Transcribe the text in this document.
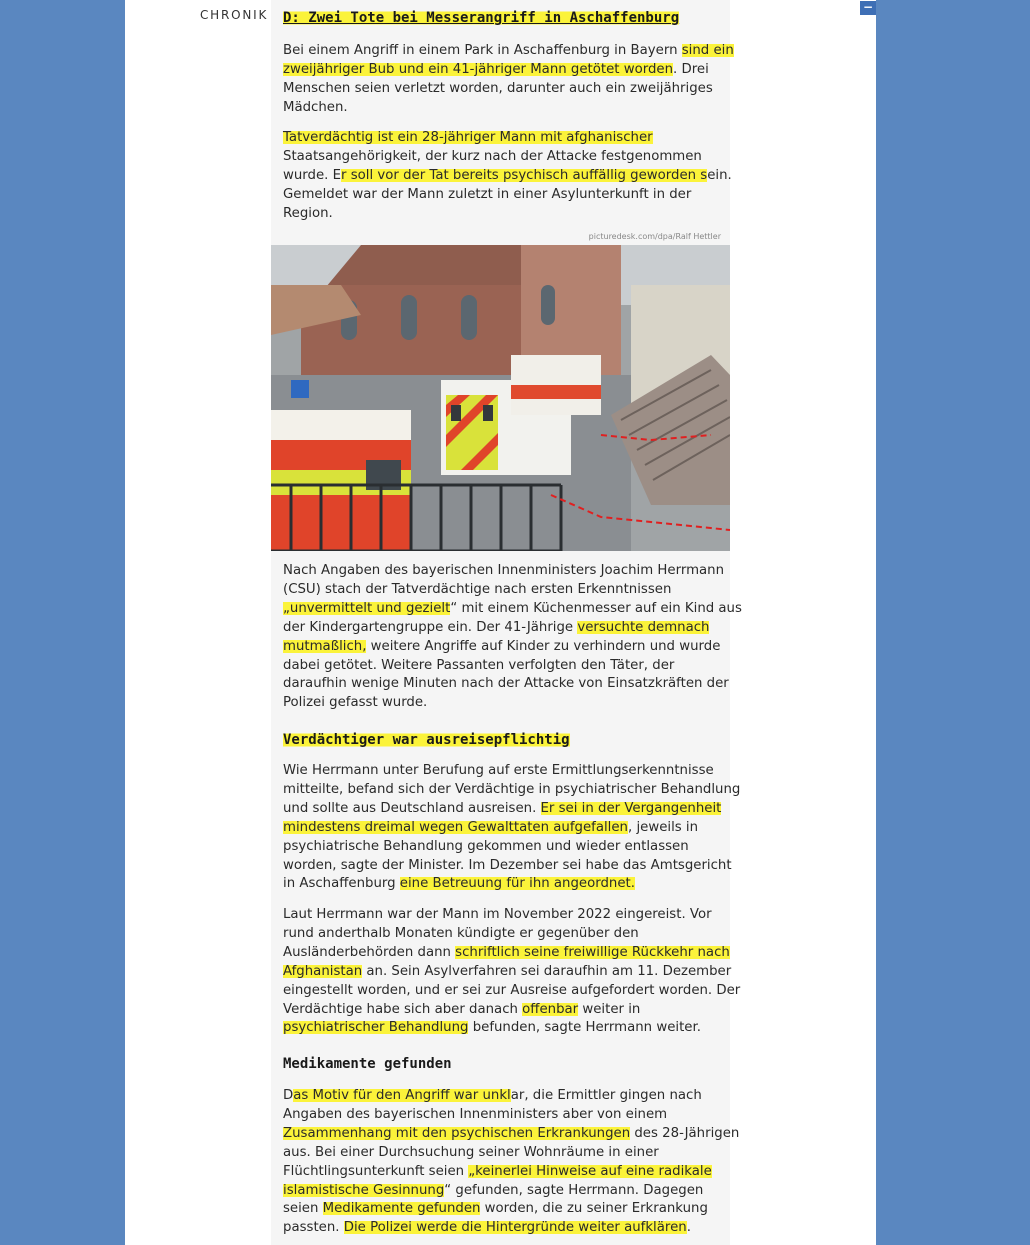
CHRONIK
−
D: Zwei Tote bei Messerangriff in Aschaffenburg

Bei einem Angriff in einem Park in Aschaffenburg in Bayern sind ein zweijähriger Bub und ein 41-jähriger Mann getötet worden. Drei Menschen seien verletzt worden, darunter auch ein zweijähriges Mädchen.

Tatverdächtig ist ein 28-jähriger Mann mit afghanischer Staatsangehörigkeit, der kurz nach der Attacke festgenommen wurde. Er soll vor der Tat bereits psychisch auffällig geworden sein. Gemeldet war der Mann zuletzt in einer Asylunterkunft in der Region.

picturedesk.com/dpa/Ralf Hettler

Nach Angaben des bayerischen Innenministers Joachim Herrmann (CSU) stach der Tatverdächtige nach ersten Erkenntnissen „unvermittelt und gezielt“ mit einem Küchenmesser auf ein Kind aus der Kindergartengruppe ein. Der 41-Jährige versuchte demnach mutmaßlich, weitere Angriffe auf Kinder zu verhindern und wurde dabei getötet. Weitere Passanten verfolgten den Täter, der daraufhin wenige Minuten nach der Attacke von Einsatzkräften der Polizei gefasst wurde.

Verdächtiger war ausreisepflichtig

Wie Herrmann unter Berufung auf erste Ermittlungserkenntnisse mitteilte, befand sich der Verdächtige in psychiatrischer Behandlung und sollte aus Deutschland ausreisen. Er sei in der Vergangenheit mindestens dreimal wegen Gewalttaten aufgefallen, jeweils in psychiatrische Behandlung gekommen und wieder entlassen worden, sagte der Minister. Im Dezember sei habe das Amtsgericht in Aschaffenburg eine Betreuung für ihn angeordnet.

Laut Herrmann war der Mann im November 2022 eingereist. Vor rund anderthalb Monaten kündigte er gegenüber den Ausländerbehörden dann schriftlich seine freiwillige Rückkehr nach Afghanistan an. Sein Asylverfahren sei daraufhin am 11. Dezember eingestellt worden, und er sei zur Ausreise aufgefordert worden. Der Verdächtige habe sich aber danach offenbar weiter in psychiatrischer Behandlung befunden, sagte Herrmann weiter.

Medikamente gefunden

Das Motiv für den Angriff war unklar, die Ermittler gingen nach Angaben des bayerischen Innenministers aber von einem Zusammenhang mit den psychischen Erkrankungen des 28-Jährigen aus. Bei einer Durchsuchung seiner Wohnräume in einer Flüchtlingsunterkunft seien „keinerlei Hinweise auf eine radikale islamistische Gesinnung“ gefunden, sagte Herrmann. Dagegen seien Medikamente gefunden worden, die zu seiner Erkrankung passten. Die Polizei werde die Hintergründe weiter aufklären.
